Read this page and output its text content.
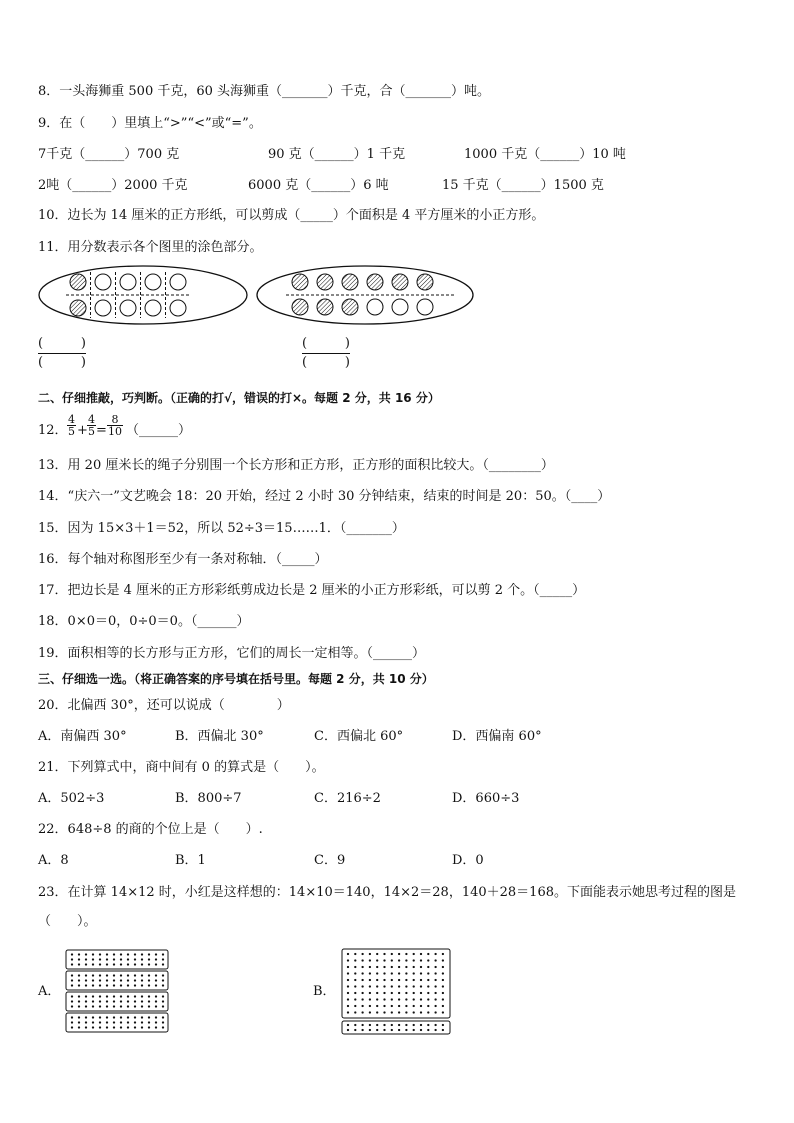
8．一头海狮重 500 千克，60 头海狮重（_______）千克，合（_______）吨。
9．在（　　）里填上“>”“<”或“=”。
7千克（______）700 克	90 克（______）1 千克	1000 千克（______）10 吨
2吨（______）2000 千克	6000 克（______）6 吨	15 千克（______）1500 克
10．边长为 14 厘米的正方形纸，可以剪成（_____）个面积是 4 平方厘米的小正方形。
11．用分数表示各个图里的涂色部分。
(	)
(	)
(	)
(	)
二、仔细推敲，巧判断。（正确的打√，错误的打×。每题 2 分，共 16 分）
12．
4
5 +
4
5 =
8
10 （______）
13．用 20 厘米长的绳子分别围一个长方形和正方形，正方形的面积比较大。（________）
14．“庆六一”文艺晚会 18：20 开始，经过 2 小时 30 分钟结束，结束的时间是 20：50。（____）
15．因为 15×3＋1＝52，所以 52÷3＝15……1．（_______）
16．每个轴对称图形至少有一条对称轴．（_____）
17．把边长是 4 厘米的正方形彩纸剪成边长是 2 厘米的小正方形彩纸，可以剪 2 个。（_____）
18．0×0＝0，0÷0＝0。（______）
19．面积相等的长方形与正方形，它们的周长一定相等。（______）
三、仔细选一选。（将正确答案的序号填在括号里。每题 2 分，共 10 分）
20．北偏西 30°，还可以说成（　　　　）
A．南偏西 30°	B．西偏北 30°	C．西偏北 60°	D．西偏南 60°
21．下列算式中，商中间有 0 的算式是（　　）。
A．502÷3	B．800÷7	C．216÷2	D．660÷3
22．648÷8 的商的个位上是（　　）.
A．8	B．1	C．9	D．0
23．在计算 14×12 时，小红是这样想的：14×10＝140，14×2＝28，140＋28＝168。下面能表示她思考过程的图是
（　　）。
A．	B．
